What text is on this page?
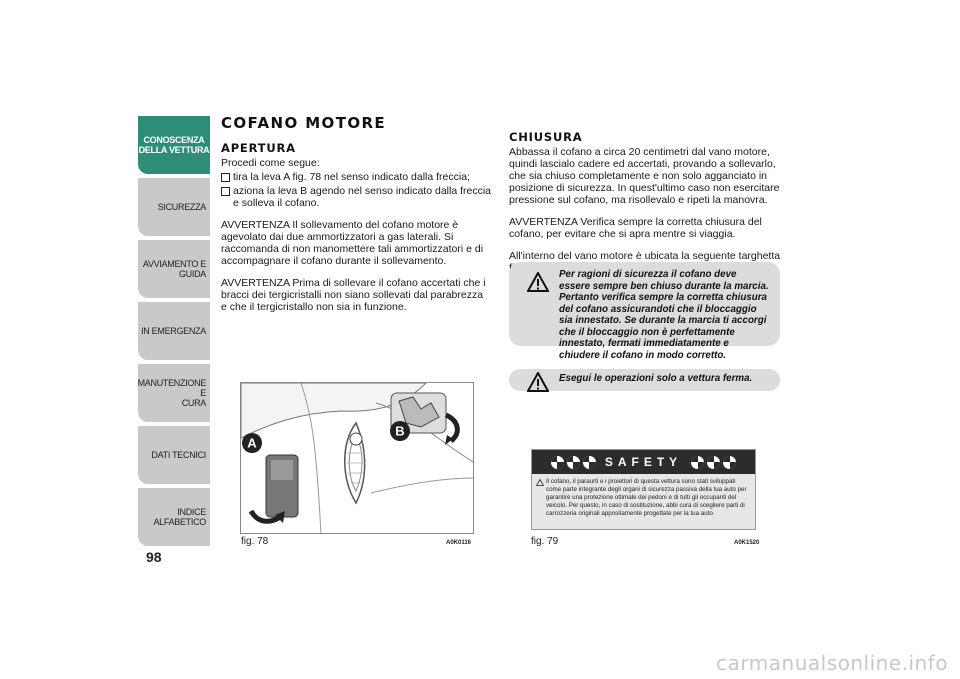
CONOSCENZA
DELLA VETTURA
SICUREZZA
AVVIAMENTO E
GUIDA
IN EMERGENZA
MANUTENZIONE E
CURA
DATI TECNICI
INDICE ALFABETICO
98
COFANO MOTORE
APERTURA

Procedi come segue:

tira la leva A fig. 78 nel senso indicato dalla freccia;
aziona la leva B agendo nel senso indicato dalla freccia e solleva il cofano.

AVVERTENZA Il sollevamento del cofano motore è agevolato dai due ammortizzatori a gas laterali. Si raccomanda di non manomettere tali ammortizzatori e di accompagnare il cofano durante il sollevamento.

AVVERTENZA Prima di sollevare il cofano accertati che i bracci dei tergicristalli non siano sollevati dal parabrezza e che il tergicristallo non sia in funzione.

A
B
fig. 78	A0K0116
CHIUSURA

Abbassa il cofano a circa 20 centimetri dal vano motore, quindi lascialo cadere ed accertati, provando a sollevarlo, che sia chiuso completamente e non solo agganciato in posizione di sicurezza. In quest'ultimo caso non esercitare pressione sul cofano, ma risollevalo e ripeti la manovra.

AVVERTENZA Verifica sempre la corretta chiusura del cofano, per evitare che si apra mentre si viaggia.

All'interno del vano motore è ubicata la seguente targhetta

Per ragioni di sicurezza il cofano deve essere sempre ben chiuso durante la marcia. Pertanto verifica sempre la corretta chiusura del cofano assicurandoti che il bloccaggio sia innestato. Se durante la marcia ti accorgi che il bloccaggio non è perfettamente innestato, fermati immediatamente e chiudere il cofano in modo corretto.
Esegui le operazioni solo a vettura ferma.
SAFETY
Il cofano, il paraurti e i proiettori di questa vettura sono stati sviluppati come parte integrante degli organi di sicurezza passiva della tua auto per garantire una protezione ottimale dei pedoni e di tutti gli occupanti del veicolo. Per questo, in caso di sostituzione, abbi cura di scegliere parti di carrozzeria originali appositamente progettate per la tua auto.
fig. 79	A0K1520
carmanualsonline.info
